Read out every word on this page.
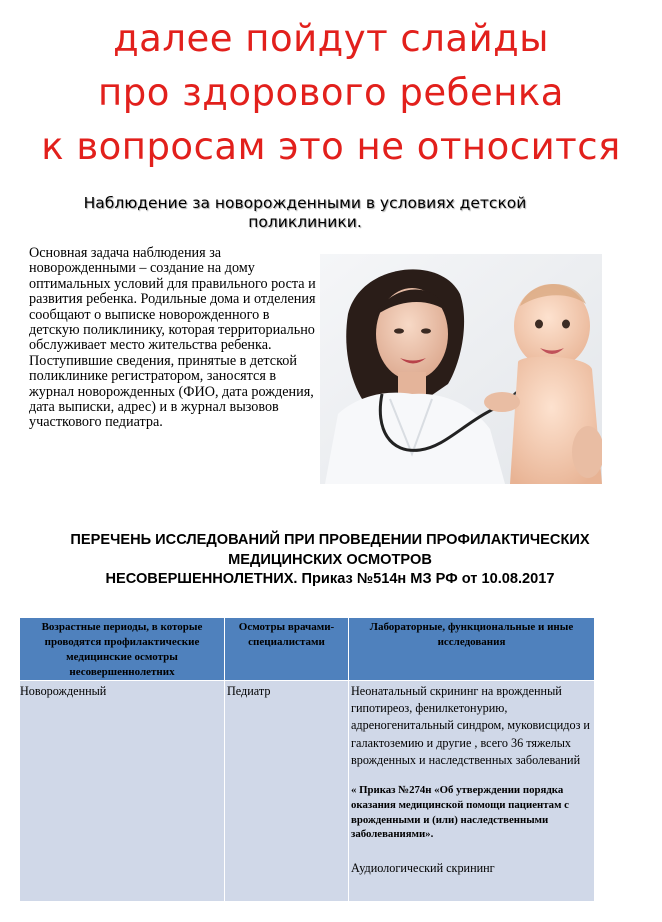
далее пойдут слайды
про здорового ребенка
к вопросам это не относится
Наблюдение за новорожденными в условиях детской поликлиники.
Основная задача наблюдения за новорожденными – создание на дому оптимальных условий для правильного роста и развития ребенка. Родильные дома и отделения сообщают о выписке новорожденного в детскую поликлинику, которая территориально обслуживает место жительства ребенка. Поступившие сведения, принятые в детской поликлинике регистратором, заносятся в журнал новорожденных (ФИО, дата рождения, дата выписки, адрес) и в журнал вызовов участкового педиатра.
ПЕРЕЧЕНЬ ИССЛЕДОВАНИЙ ПРИ ПРОВЕДЕНИИ ПРОФИЛАКТИЧЕСКИХ
МЕДИЦИНСКИХ ОСМОТРОВ
НЕСОВЕРШЕННОЛЕТНИХ. Приказ №514н МЗ РФ от 10.08.2017
Возрастные периоды, в которые проводятся профилактические медицинские осмотры несовершеннолетних	Осмотры врачами-специалистами	Лабораторные, функциональные и иные исследования
Новорожденный	Педиатр	Неонатальный скрининг на врожденный гипотиреоз, фенилкетонурию, адреногенитальный синдром, муковисцидоз и галактоземию и другие , всего 36 тяжелых врожденных и наследственных заболеваний
« Приказ №274н «Об утверждении порядка оказания медицинской помощи пациентам с врожденными и (или) наследственными заболеваниями».
Аудиологический скрининг
